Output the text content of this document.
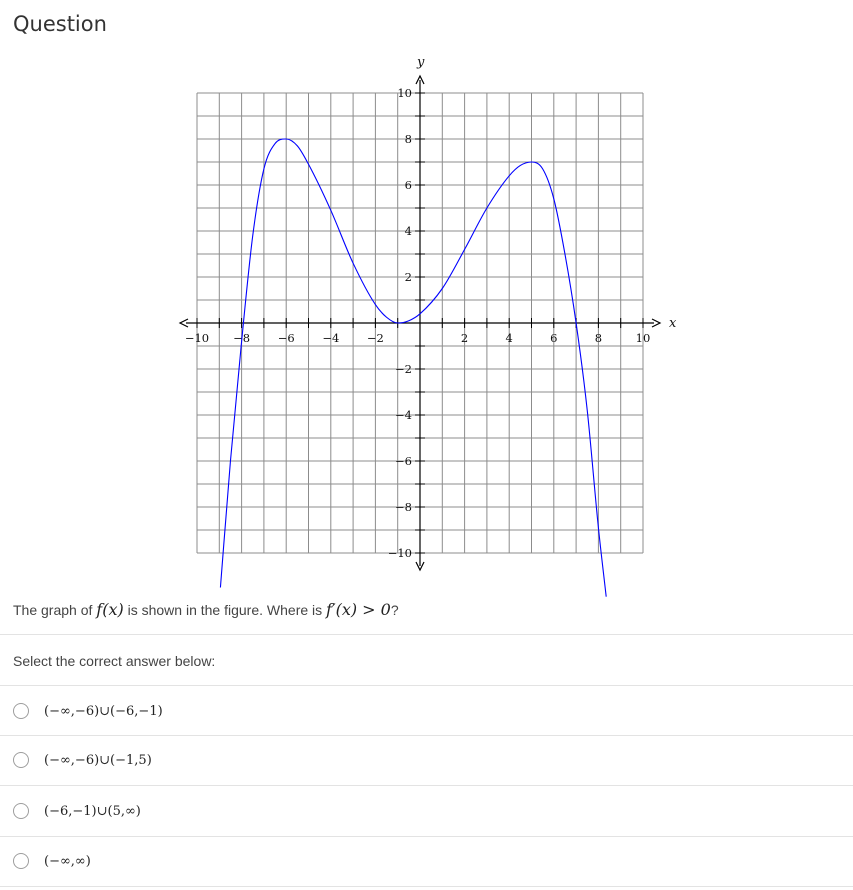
Question
−10 −8 −6 −4 −2	2	4	6	8	10
10
8
6
4
2
−2
−4
−6
−8
−10
x
y
The graph of f(x) is shown in the figure. Where is f′(x) > 0?
Select the correct answer below:
(−∞,−6)∪(−6,−1)
(−∞,−6)∪(−1,5)
(−6,−1)∪(5,∞)
(−∞,∞)
